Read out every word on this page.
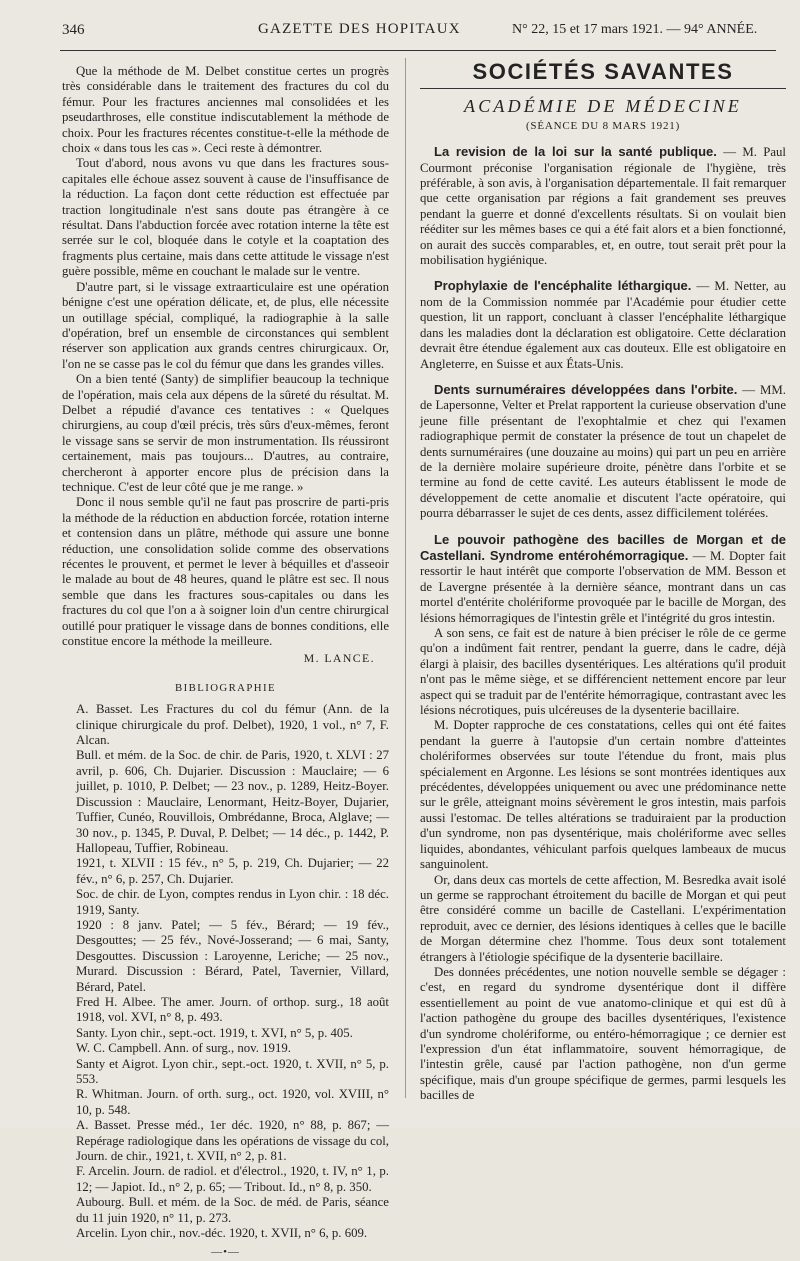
346	GAZETTE DES HOPITAUX	N° 22, 15 et 17 mars 1921. — 94° ANNÉE.

Que la méthode de M. Delbet constitue certes un progrès très considérable dans le traitement des fractures du col du fémur. Pour les fractures anciennes mal consolidées et les pseudarthroses, elle constitue indiscutablement la méthode de choix. Pour les fractures récentes constitue-t-elle la méthode de choix « dans tous les cas ». Ceci reste à démontrer.

Tout d'abord, nous avons vu que dans les fractures sous-capitales elle échoue assez souvent à cause de l'insuffisance de la réduction. La façon dont cette réduction est effectuée par traction longitudinale n'est sans doute pas étrangère à ce résultat. Dans l'abduction forcée avec rotation interne la tête est serrée sur le col, bloquée dans le cotyle et la coaptation des fragments plus certaine, mais dans cette attitude le vissage n'est guère possible, même en couchant le malade sur le ventre.

D'autre part, si le vissage extraarticulaire est une opération bénigne c'est une opération délicate, et, de plus, elle nécessite un outillage spécial, compliqué, la radiographie à la salle d'opération, bref un ensemble de circonstances qui semblent réserver son application aux grands centres chirurgicaux. Or, l'on ne se casse pas le col du fémur que dans les grandes villes.

On a bien tenté (Santy) de simplifier beaucoup la technique de l'opération, mais cela aux dépens de la sûreté du résultat. M. Delbet a répudié d'avance ces tentatives : « Quelques chirurgiens, au coup d'œil précis, très sûrs d'eux-mêmes, feront le vissage sans se servir de mon instrumentation. Ils réussiront certainement, mais pas toujours... D'autres, au contraire, chercheront à apporter encore plus de précision dans la technique. C'est de leur côté que je me range. »

Donc il nous semble qu'il ne faut pas proscrire de parti-pris la méthode de la réduction en abduction forcée, rotation interne et contension dans un plâtre, méthode qui assure une bonne réduction, une consolidation solide comme des observations récentes le prouvent, et permet le lever à béquilles et d'asseoir le malade au bout de 48 heures, quand le plâtre est sec. Il nous semble que dans les fractures sous-capitales ou dans les fractures du col que l'on a à soigner loin d'un centre chirurgical outillé pour pratiquer le vissage dans de bonnes conditions, elle constitue encore la méthode la meilleure.

M. LANCE.
BIBLIOGRAPHIE

A. Basset. Les Fractures du col du fémur (Ann. de la clinique chirurgicale du prof. Delbet), 1920, 1 vol., n° 7, F. Alcan.

Bull. et mém. de la Soc. de chir. de Paris, 1920, t. XLVI : 27 avril, p. 606, Ch. Dujarier. Discussion : Mauclaire; — 6 juillet, p. 1010, P. Delbet; — 23 nov., p. 1289, Heitz-Boyer. Discussion : Mauclaire, Lenormant, Heitz-Boyer, Dujarier, Tuffier, Cunéo, Rouvillois, Ombrédanne, Broca, Alglave; — 30 nov., p. 1345, P. Duval, P. Delbet; — 14 déc., p. 1442, P. Hallopeau, Tuffier, Robineau.

1921, t. XLVII : 15 fév., n° 5, p. 219, Ch. Dujarier; — 22 fév., n° 6, p. 257, Ch. Dujarier.

Soc. de chir. de Lyon, comptes rendus in Lyon chir. : 18 déc. 1919, Santy.

1920 : 8 janv. Patel; — 5 fév., Bérard; — 19 fév., Desgouttes; — 25 fév., Nové-Josserand; — 6 mai, Santy, Desgouttes. Discussion : Laroyenne, Leriche; — 25 nov., Murard. Discussion : Bérard, Patel, Tavernier, Villard, Bérard, Patel.

Fred H. Albee. The amer. Journ. of orthop. surg., 18 août 1918, vol. XVI, n° 8, p. 493.

Santy. Lyon chir., sept.-oct. 1919, t. XVI, n° 5, p. 405.

W. C. Campbell. Ann. of surg., nov. 1919.

Santy et Aigrot. Lyon chir., sept.-oct. 1920, t. XVII, n° 5, p. 553.

R. Whitman. Journ. of orth. surg., oct. 1920, vol. XVIII, n° 10, p. 548.

A. Basset. Presse méd., 1er déc. 1920, n° 88, p. 867; — Repérage radiologique dans les opérations de vissage du col, Journ. de chir., 1921, t. XVII, n° 2, p. 81.

F. Arcelin. Journ. de radiol. et d'électrol., 1920, t. IV, n° 1, p. 12; — Japiot. Id., n° 2, p. 65; — Tribout. Id., n° 8, p. 350.

Aubourg. Bull. et mém. de la Soc. de méd. de Paris, séance du 11 juin 1920, n° 11, p. 273.

Arcelin. Lyon chir., nov.-déc. 1920, t. XVII, n° 6, p. 609.

—•—
SOCIÉTÉS SAVANTES
ACADÉMIE DE MÉDECINE
(SÉANCE DU 8 MARS 1921)

La revision de la loi sur la santé publique. — M. Paul Courmont préconise l'organisation régionale de l'hygiène, très préférable, à son avis, à l'organisation départementale. Il fait remarquer que cette organisation par régions a fait grandement ses preuves pendant la guerre et donné d'excellents résultats. Si on voulait bien rééditer sur les mêmes bases ce qui a été fait alors et a bien fonctionné, on aurait des succès comparables, et, en outre, tout serait prêt pour la mobilisation hygiénique.

Prophylaxie de l'encéphalite léthargique. — M. Netter, au nom de la Commission nommée par l'Académie pour étudier cette question, lit un rapport, concluant à classer l'encéphalite léthargique dans les maladies dont la déclaration est obligatoire. Cette déclaration devrait être étendue également aux cas douteux. Elle est obligatoire en Angleterre, en Suisse et aux États-Unis.

Dents surnuméraires développées dans l'orbite. — MM. de Lapersonne, Velter et Prelat rapportent la curieuse observation d'une jeune fille présentant de l'exophtalmie et chez qui l'examen radiographique permit de constater la présence de tout un chapelet de dents surnuméraires (une douzaine au moins) qui part un peu en arrière de la dernière molaire supérieure droite, pénètre dans l'orbite et se termine au fond de cette cavité. Les auteurs établissent le mode de développement de cette anomalie et discutent l'acte opératoire, qui pourra débarrasser le sujet de ces dents, assez difficilement tolérées.

Le pouvoir pathogène des bacilles de Morgan et de Castellani. Syndrome entérohémorragique. — M. Dopter fait ressortir le haut intérêt que comporte l'observation de MM. Besson et de Lavergne présentée à la dernière séance, montrant dans un cas mortel d'entérite cholériforme provoquée par le bacille de Morgan, des lésions hémorragiques de l'intestin grêle et l'intégrité du gros intestin.

A son sens, ce fait est de nature à bien préciser le rôle de ce germe qu'on a indûment fait rentrer, pendant la guerre, dans le cadre, déjà élargi à plaisir, des bacilles dysentériques. Les altérations qu'il produit n'ont pas le même siège, et se différencient nettement encore par leur aspect qui se traduit par de l'entérite hémorragique, contrastant avec les lésions nécrotiques, puis ulcéreuses de la dysenterie bacillaire.

M. Dopter rapproche de ces constatations, celles qui ont été faites pendant la guerre à l'autopsie d'un certain nombre d'atteintes cholériformes observées sur toute l'étendue du front, mais plus spécialement en Argonne. Les lésions se sont montrées identiques aux précédentes, développées uniquement ou avec une prédominance nette sur le grêle, atteignant moins sévèrement le gros intestin, mais parfois aussi l'estomac. De telles altérations se traduiraient par la production d'un syndrome, non pas dysentérique, mais cholériforme avec selles liquides, abondantes, véhiculant parfois quelques lambeaux de mucus sanguinolent.

Or, dans deux cas mortels de cette affection, M. Besredka avait isolé un germe se rapprochant étroitement du bacille de Morgan et qui peut être considéré comme un bacille de Castellani. L'expérimentation reproduit, avec ce dernier, des lésions identiques à celles que le bacille de Morgan détermine chez l'homme. Tous deux sont totalement étrangers à l'étiologie spécifique de la dysenterie bacillaire.

Des données précédentes, une notion nouvelle semble se dégager : c'est, en regard du syndrome dysentérique dont il diffère essentiellement au point de vue anatomo-clinique et qui est dû à l'action pathogène du groupe des bacilles dysentériques, l'existence d'un syndrome cholériforme, ou entéro-hémorragique ; ce dernier est l'expression d'un état inflammatoire, souvent hémorragique, de l'intestin grêle, causé par l'action pathogène, non d'un germe spécifique, mais d'un groupe spécifique de germes, parmi lesquels les bacilles de
